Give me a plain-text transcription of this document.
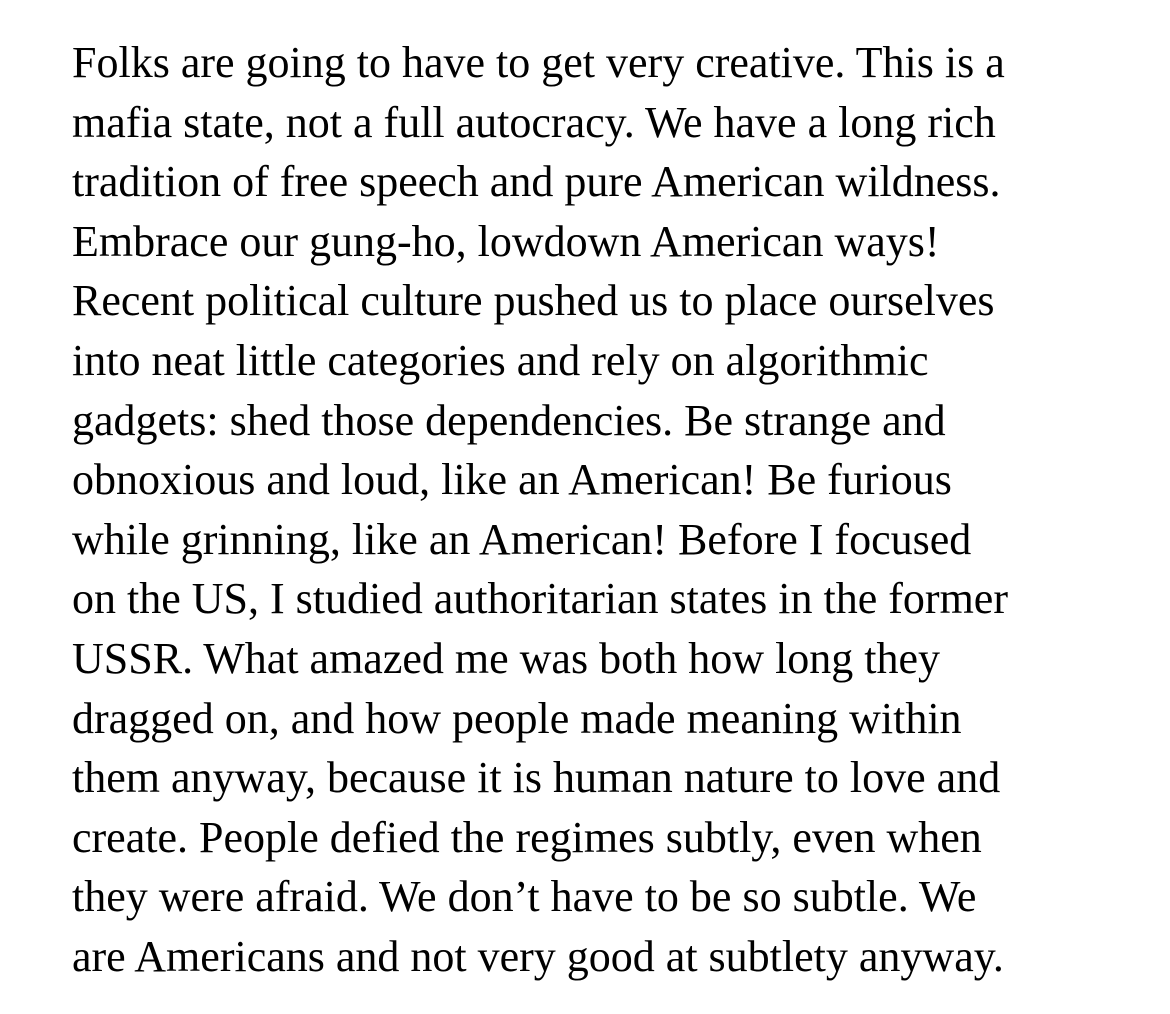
Folks are going to have to get very creative. This is a
mafia state, not a full autocracy. We have a long rich
tradition of free speech and pure American wildness.
Embrace our gung-ho, lowdown American ways!
Recent political culture pushed us to place ourselves
into neat little categories and rely on algorithmic
gadgets: shed those dependencies. Be strange and
obnoxious and loud, like an American! Be furious
while grinning, like an American! Before I focused
on the US, I studied authoritarian states in the former
USSR. What amazed me was both how long they
dragged on, and how people made meaning within
them anyway, because it is human nature to love and
create. People defied the regimes subtly, even when
they were afraid. We don’t have to be so subtle. We
are Americans and not very good at subtlety anyway.
